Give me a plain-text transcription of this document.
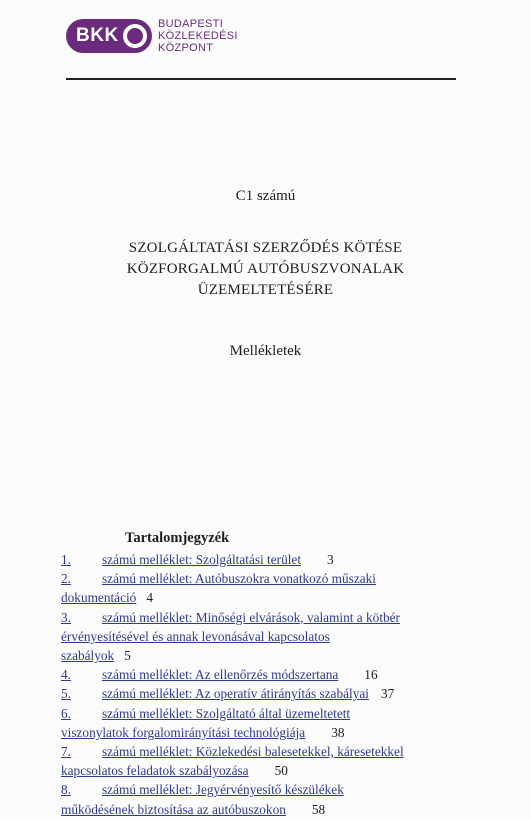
BKK
BUDAPESTI
KÖZLEKEDÉSI
KÖZPONT
C1 számú
SZOLGÁLTATÁSI SZERZŐDÉS KÖTÉSE
KÖZFORGALMÚ AUTÓBUSZVONALAK
ÜZEMELTETÉSÉRE
Mellékletek
Tartalomjegyzék
1. számú melléklet: Szolgáltatási terület 3
2. számú melléklet: Autóbuszokra vonatkozó műszaki
dokumentáció 4
3. számú melléklet: Minőségi elvárások, valamint a kötbér
érvényesítésével és annak levonásával kapcsolatos
szabályok 5
4. számú melléklet: Az ellenőrzés módszertana 16
5. számú melléklet: Az operatív átirányítás szabályai 37
6. számú melléklet: Szolgáltató által üzemeltetett
viszonylatok forgalomirányítási technológiája 38
7. számú melléklet: Közlekedési balesetekkel, káresetekkel
kapcsolatos feladatok szabályozása 50
8. számú melléklet: Jegyérvényesítő készülékek
működésének biztosítása az autóbuszokon 58
